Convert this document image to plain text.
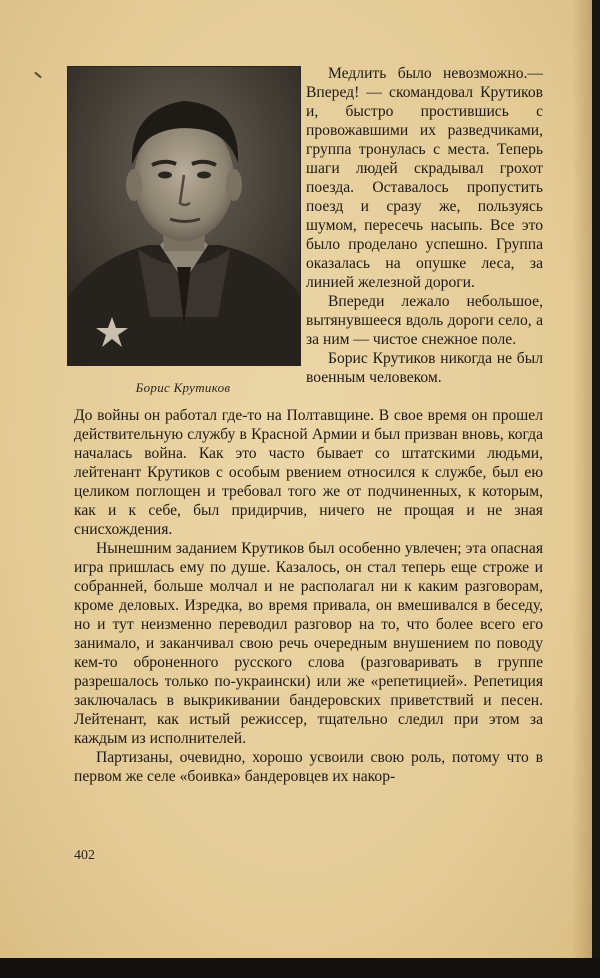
Борис Крутиков

Медлить было невозможно.— Вперед! — скомандовал Крутиков и, быстро простившись с провожавшими их разведчиками, группа тронулась с места. Теперь шаги людей скрадывал грохот поезда. Оставалось пропустить поезд и сразу же, пользуясь шумом, пересечь насыпь. Все это было проделано успешно. Группа оказалась на опушке леса, за линией железной дороги.

Впереди лежало небольшое, вытянувшееся вдоль дороги село, а за ним — чистое снежное поле.

Борис Крутиков никогда не был военным человеком.

До войны он работал где-то на Полтавщине. В свое время он прошел действительную службу в Красной Армии и был призван вновь, когда началась война. Как это часто бывает со штатскими людьми, лейтенант Крутиков с особым рвением относился к службе, был ею целиком поглощен и требовал того же от подчиненных, к которым, как и к себе, был придирчив, ничего не прощая и не зная снисхождения.

Нынешним заданием Крутиков был особенно увлечен; эта опасная игра пришлась ему по душе. Казалось, он стал теперь еще строже и собранней, больше молчал и не располагал ни к каким разговорам, кроме деловых. Изредка, во время привала, он вмешивался в беседу, но и тут неизменно переводил разговор на то, что более всего его занимало, и заканчивал свою речь очередным внушением по поводу кем-то оброненного русского слова (разговаривать в группе разрешалось только по-украински) или же «репетицией». Репетиция заключалась в выкрикивании бандеровских приветствий и песен. Лейтенант, как истый режиссер, тщательно следил при этом за каждым из исполнителей.

Партизаны, очевидно, хорошо усвоили свою роль, потому что в первом же селе «боивка» бандеровцев их накор-

402
